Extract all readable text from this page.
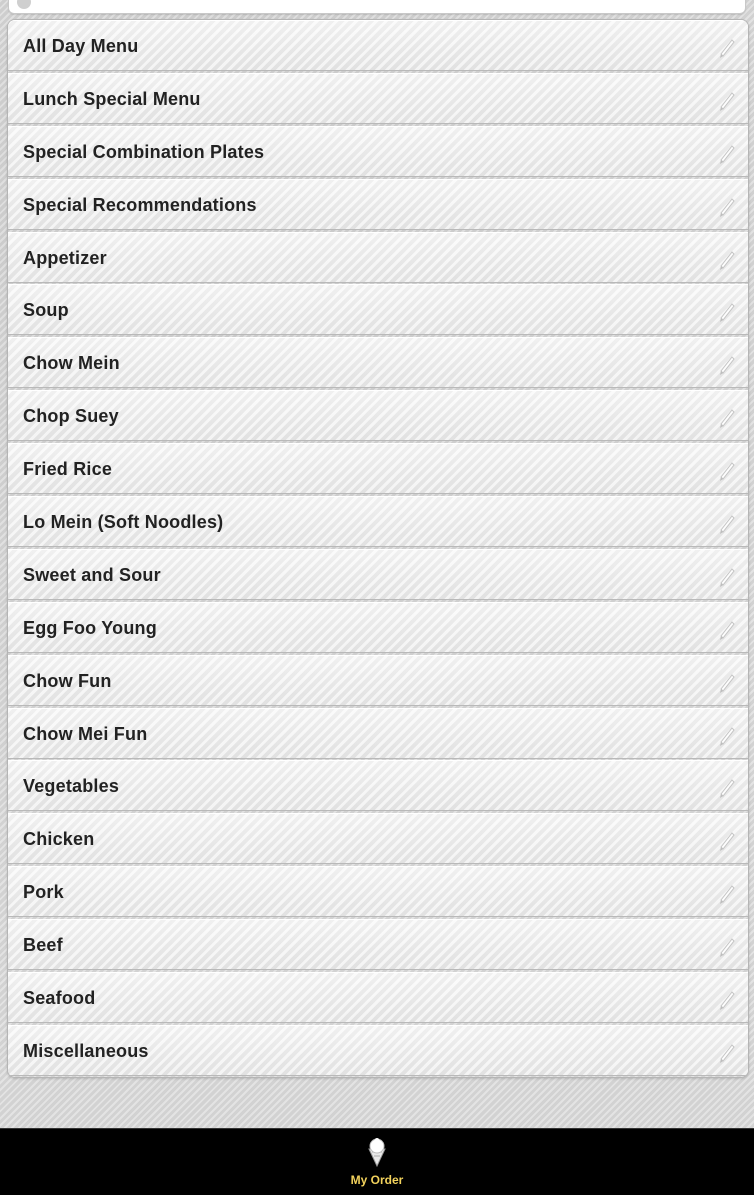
All Day Menu
Lunch Special Menu
Special Combination Plates
Special Recommendations
Appetizer
Soup
Chow Mein
Chop Suey
Fried Rice
Lo Mein (Soft Noodles)
Sweet and Sour
Egg Foo Young
Chow Fun
Chow Mei Fun
Vegetables
Chicken
Pork
Beef
Seafood
Miscellaneous
My Order
